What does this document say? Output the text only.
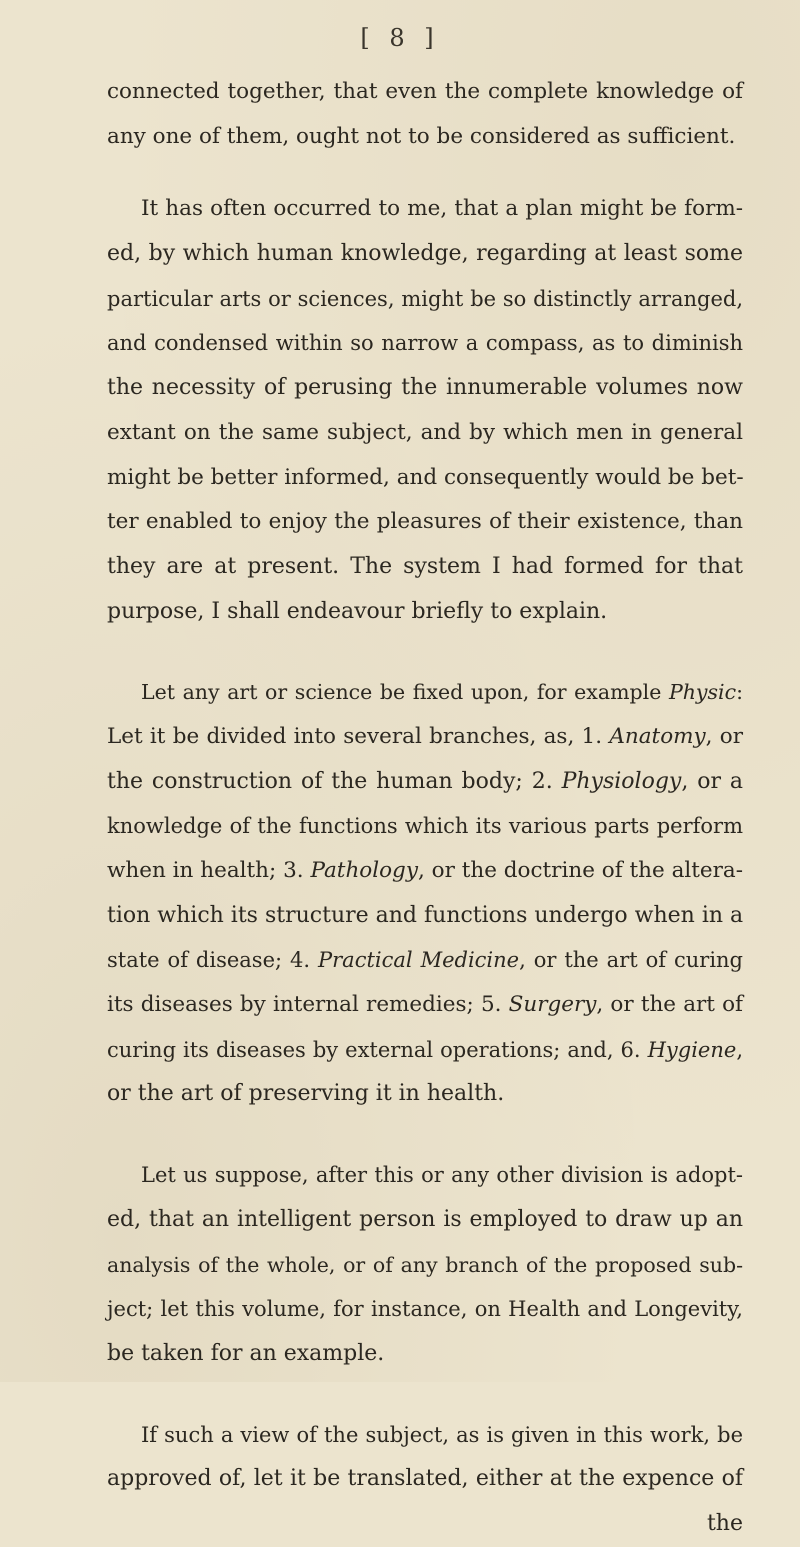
[ 8 ]
connected together, that even the complete knowledge of
any one of them, ought not to be considered as sufficient.
It has often occurred to me, that a plan might be form-
ed, by which human knowledge, regarding at least some
particular arts or sciences, might be so distinctly arranged,
and condensed within so narrow a compass, as to diminish
the necessity of perusing the innumerable volumes now
extant on the same subject, and by which men in general
might be better informed, and consequently would be bet-
ter enabled to enjoy the pleasures of their existence, than
they are at present. The system I had formed for that
purpose, I shall endeavour briefly to explain.
Let any art or science be fixed upon, for example Physic:
Let it be divided into several branches, as, 1. Anatomy, or
the construction of the human body; 2. Physiology, or a
knowledge of the functions which its various parts perform
when in health; 3. Pathology, or the doctrine of the altera-
tion which its structure and functions undergo when in a
state of disease; 4. Practical Medicine, or the art of curing
its diseases by internal remedies; 5. Surgery, or the art of
curing its diseases by external operations; and, 6. Hygiene,
or the art of preserving it in health.
Let us suppose, after this or any other division is adopt-
ed, that an intelligent person is employed to draw up an
analysis of the whole, or of any branch of the proposed sub-
ject; let this volume, for instance, on Health and Longevity,
be taken for an example.
If such a view of the subject, as is given in this work, be
approved of, let it be translated, either at the expence of
the
